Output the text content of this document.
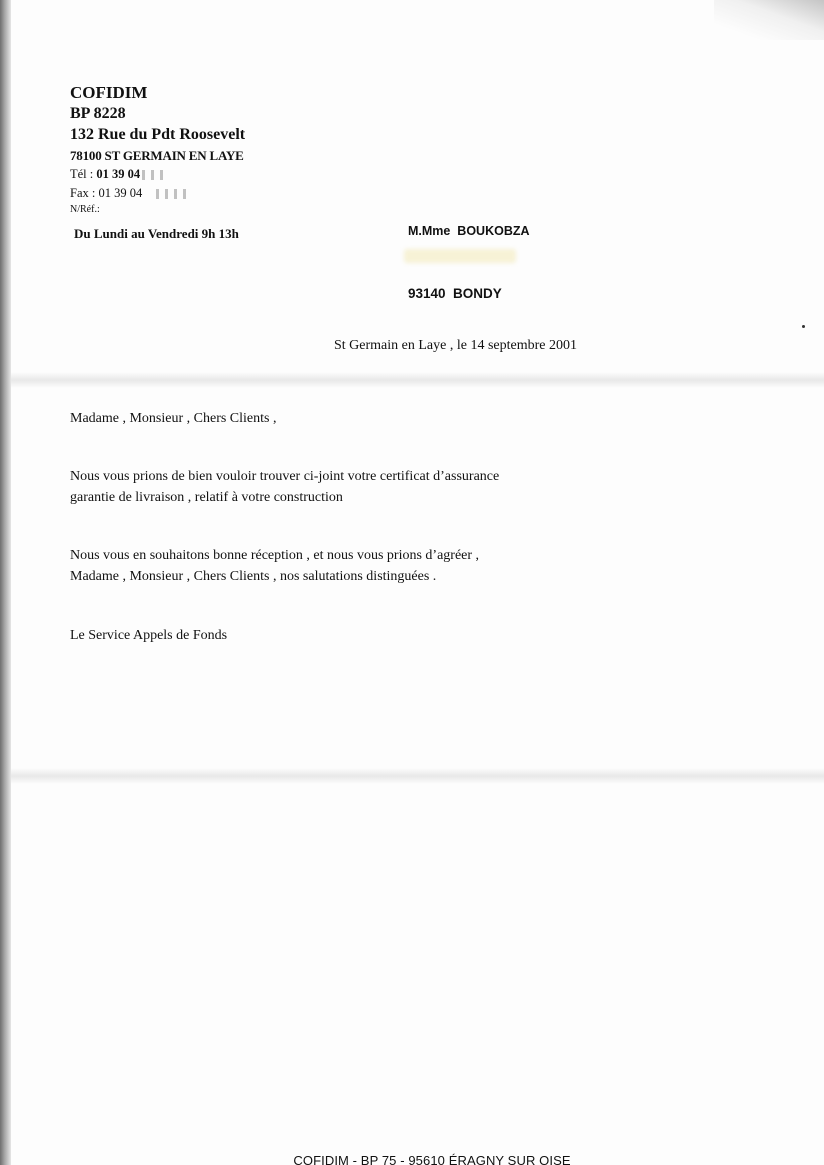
COFIDIM
BP 8228
132 Rue du Pdt Roosevelt
78100 ST GERMAIN EN LAYE
Tél : 01 39 04
Fax : 01 39 04
N/Réf.:
Du Lundi au Vendredi 9h 13h	M.Mme  BOUKOBZA
93140  BONDY
St Germain en Laye , le 14 septembre 2001
Madame , Monsieur , Chers Clients ,
Nous vous prions de bien vouloir trouver ci-joint votre certificat d’assurance
garantie de livraison , relatif à votre construction
Nous vous en souhaitons bonne réception , et nous vous prions d’agréer ,
Madame , Monsieur , Chers Clients , nos salutations distinguées .
Le Service Appels de Fonds
COFIDIM - BP 75 - 95610 ÉRAGNY SUR OISE
